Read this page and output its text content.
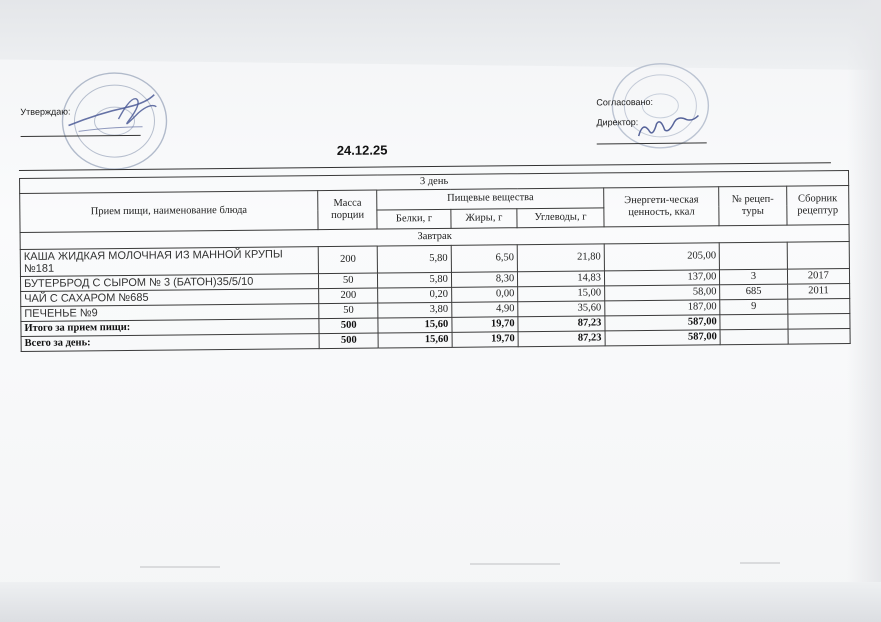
Утверждаю:
Согласовано:
Директор:
24.12.25
3 день							
Прием пищи, наименование блюда	Масса порции	Пищевые вещества			Энергети-ческая ценность, ккал	№ рецеп-туры	Сборник рецептур
		Белки, г	Жиры, г	Углеводы, г			
Завтрак							
КАША ЖИДКАЯ МОЛОЧНАЯ ИЗ МАННОЙ КРУПЫ №181	200	5,80	6,50	21,80	205,00		
БУТЕРБРОД С СЫРОМ № 3 (БАТОН)35/5/10	50	5,80	8,30	14,83	137,00	3	2017
ЧАЙ С САХАРОМ №685	200	0,20	0,00	15,00	58,00	685	2011
ПЕЧЕНЬЕ №9	50	3,80	4,90	35,60	187,00	9	
Итого за прием пищи:	500	15,60	19,70	87,23	587,00		
Всего за день:	500	15,60	19,70	87,23	587,00		
